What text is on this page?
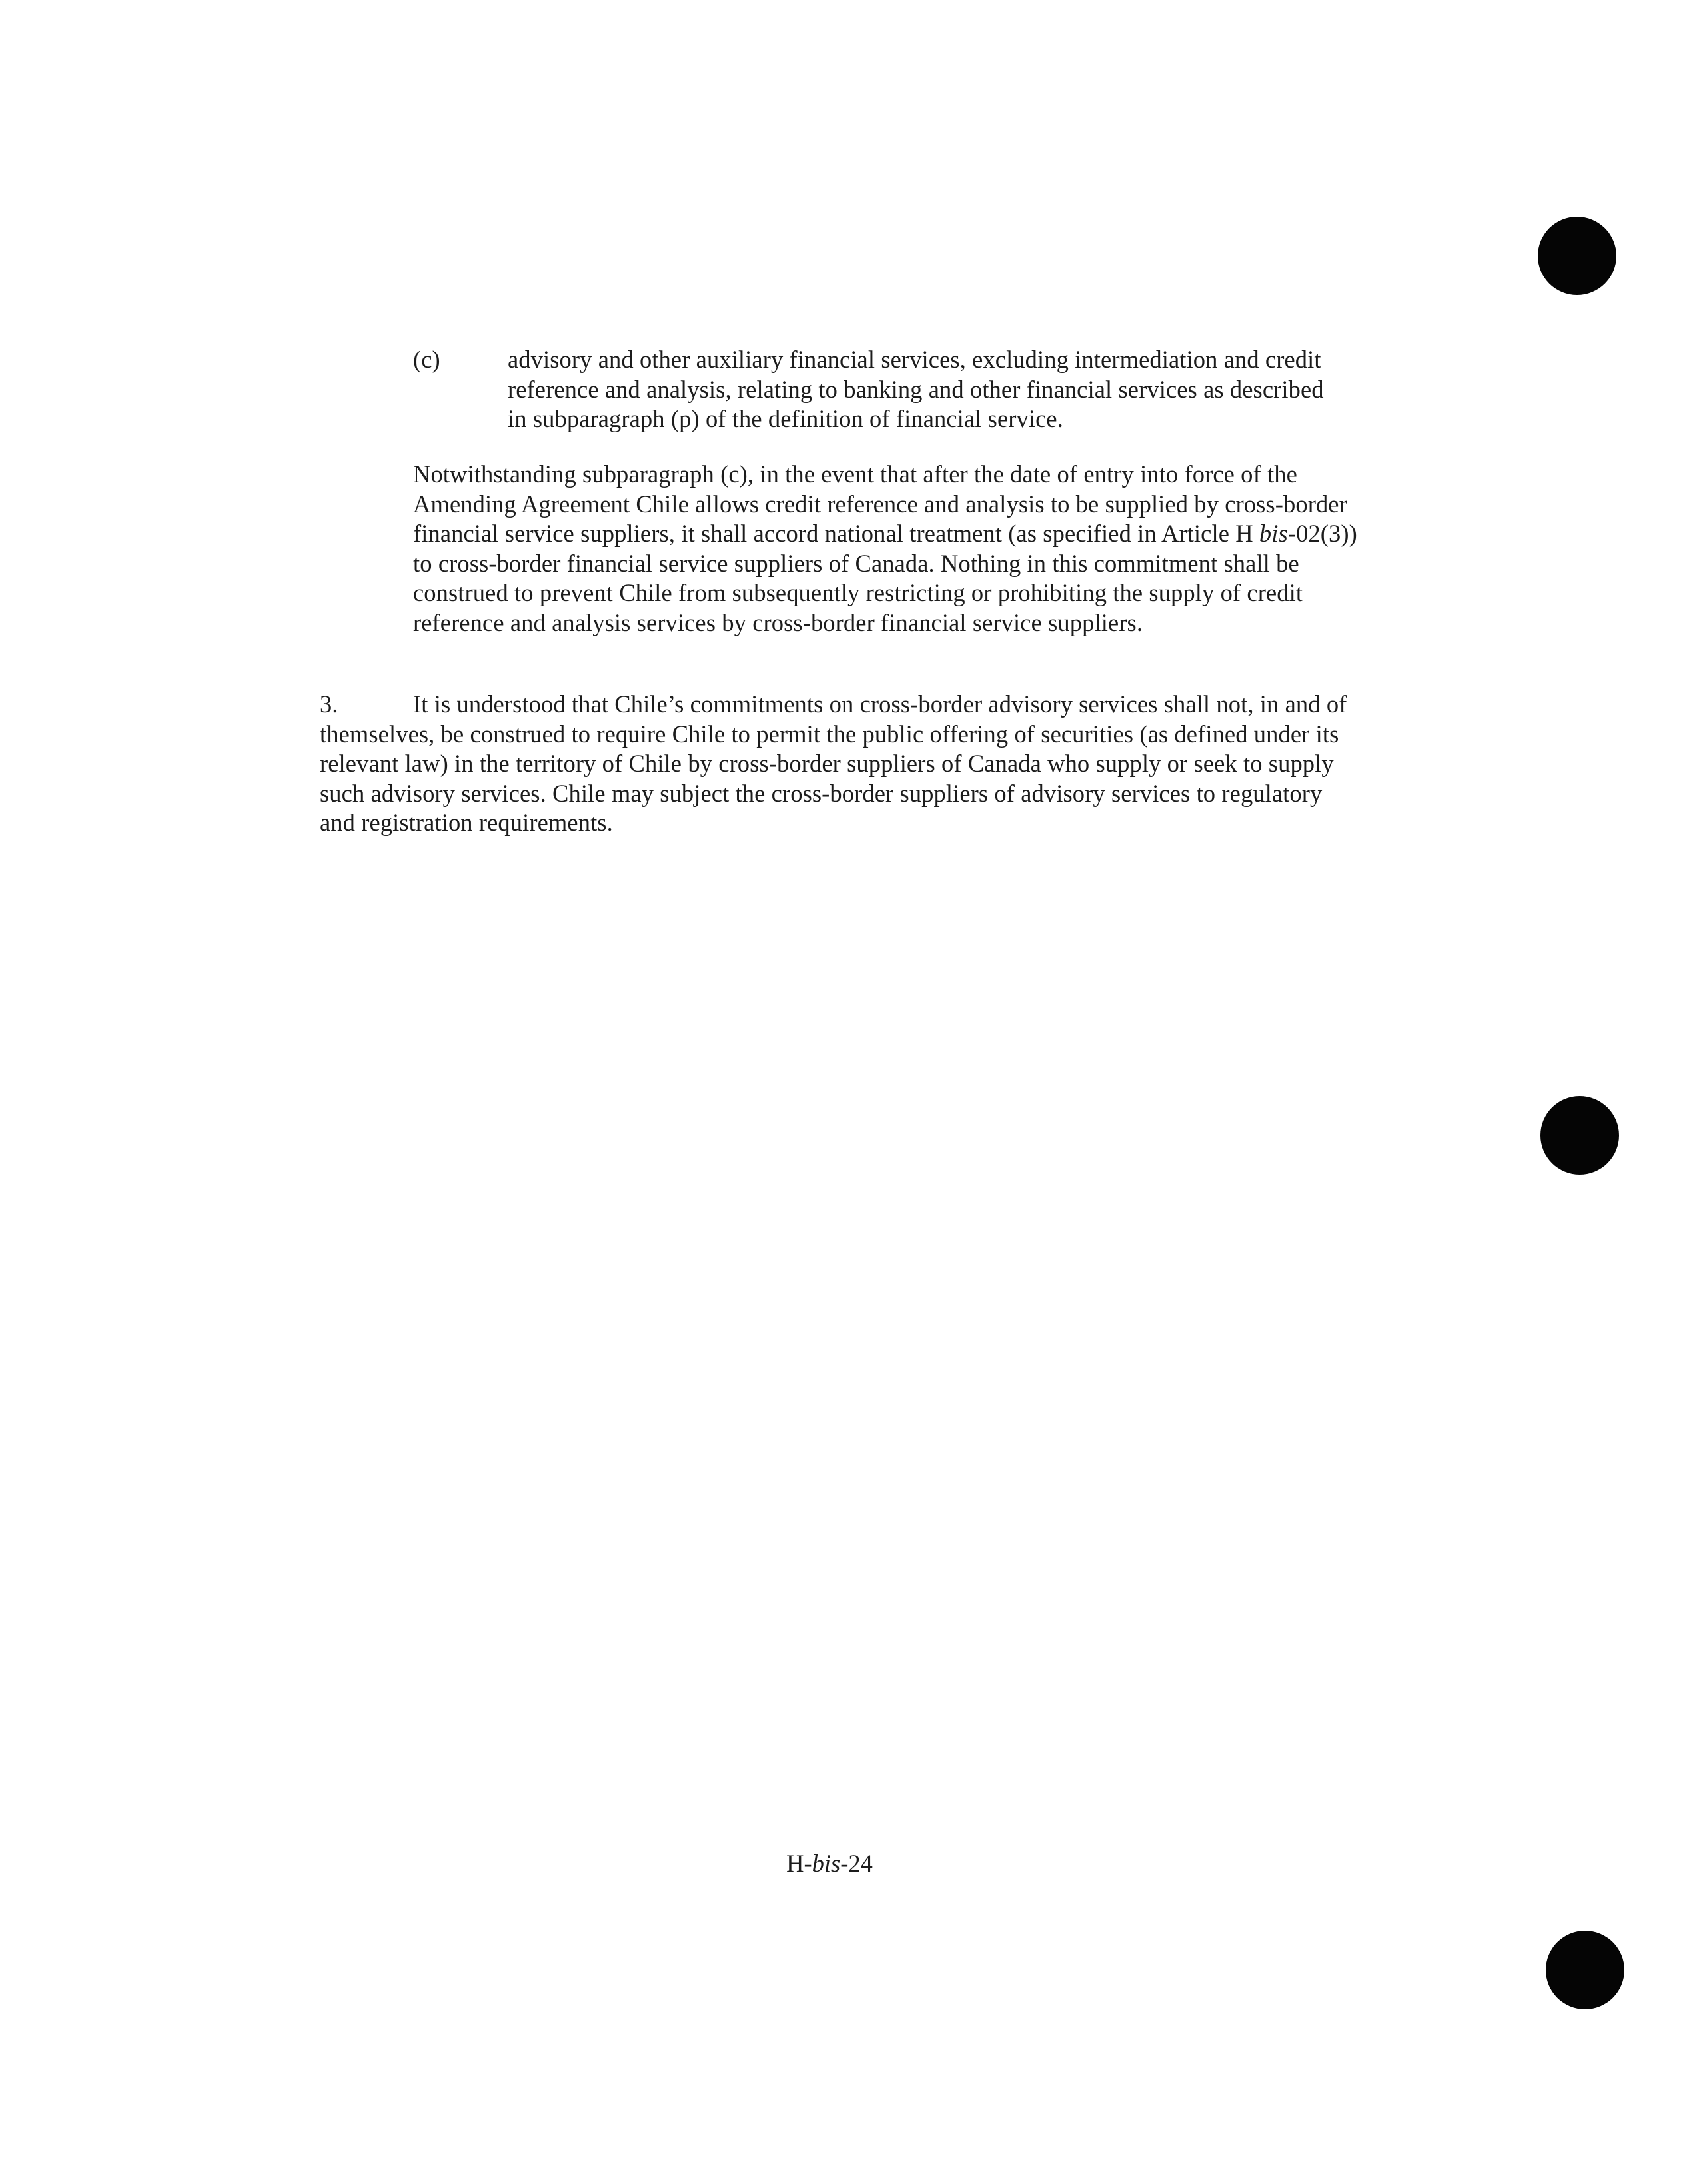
(c)	advisory and other auxiliary financial services, excluding intermediation and credit reference and analysis, relating to banking and other financial services as described in subparagraph (p) of the definition of financial service.
Notwithstanding subparagraph (c), in the event that after the date of entry into force of the Amending Agreement Chile allows credit reference and analysis to be supplied by cross-border financial service suppliers, it shall accord national treatment (as specified in Article H bis-02(3)) to cross-border financial service suppliers of Canada. Nothing in this commitment shall be construed to prevent Chile from subsequently restricting or prohibiting the supply of credit reference and analysis services by cross-border financial service suppliers.
3.	It is understood that Chile’s commitments on cross-border advisory services shall not, in and of themselves, be construed to require Chile to permit the public offering of securities (as defined under its relevant law) in the territory of Chile by cross-border suppliers of Canada who supply or seek to supply such advisory services. Chile may subject the cross-border suppliers of advisory services to regulatory and registration requirements.
H-bis-24
